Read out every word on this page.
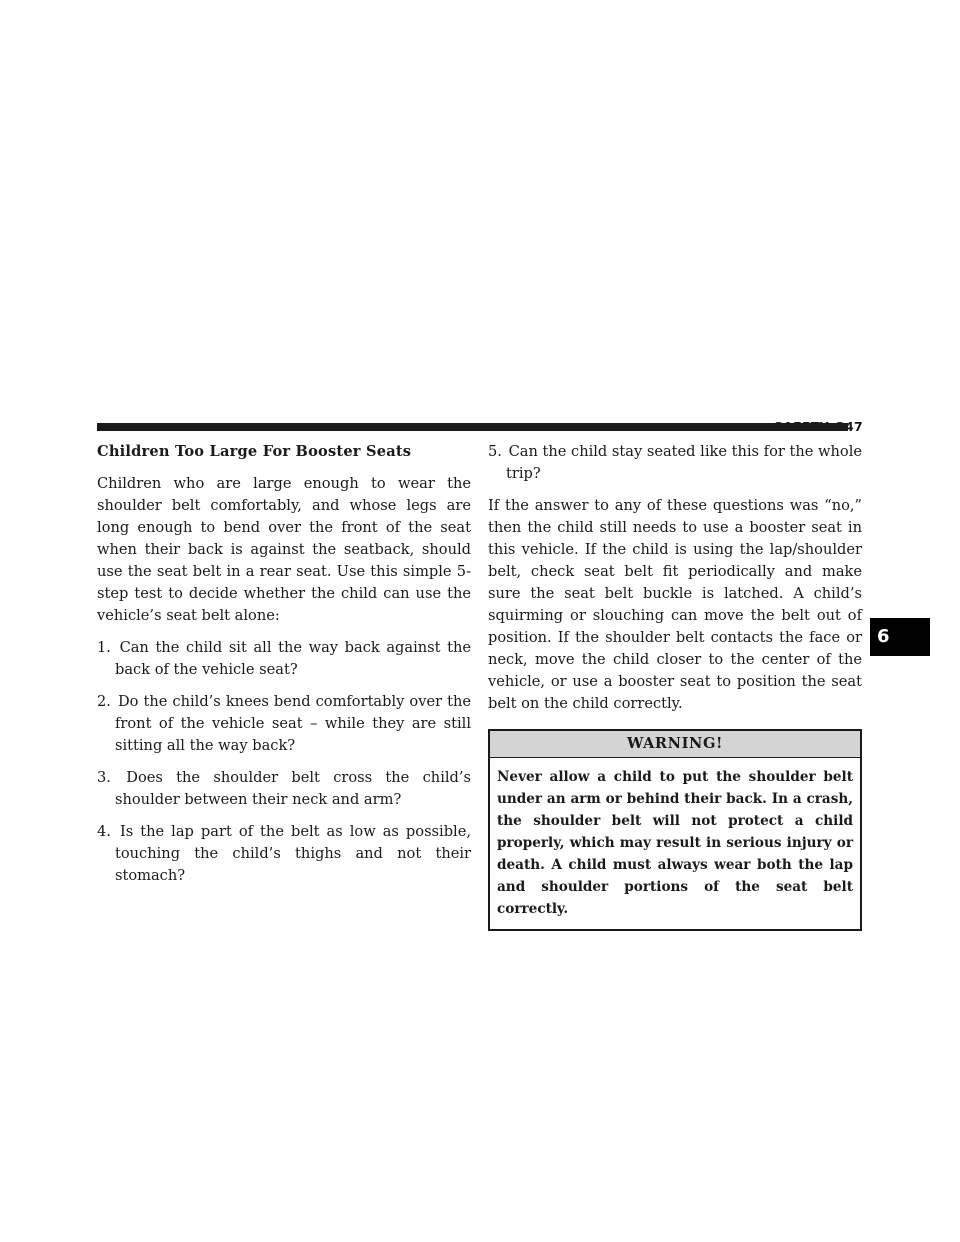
SAFETY 247
6
Children Too Large For Booster Seats

Children who are large enough to wear the shoulder belt comfortably, and whose legs are long enough to bend over the front of the seat when their back is against the seatback, should use the seat belt in a rear seat. Use this simple 5-step test to decide whether the child can use the vehicle’s seat belt alone:

1. Can the child sit all the way back against the back of the vehicle seat?
2. Do the child’s knees bend comfortably over the front of the vehicle seat – while they are still sitting all the way back?
3. Does the shoulder belt cross the child’s shoulder between their neck and arm?
4. Is the lap part of the belt as low as possible, touching the child’s thighs and not their stomach?
5. Can the child stay seated like this for the whole trip?

If the answer to any of these questions was “no,” then the child still needs to use a booster seat in this vehicle. If the child is using the lap/shoulder belt, check seat belt fit periodically and make sure the seat belt buckle is latched. A child’s squirming or slouching can move the belt out of position. If the shoulder belt contacts the face or neck, move the child closer to the center of the vehicle, or use a booster seat to position the seat belt on the child correctly.

WARNING!
Never allow a child to put the shoulder belt under an arm or behind their back. In a crash, the shoulder belt will not protect a child properly, which may result in serious injury or death. A child must always wear both the lap and shoulder portions of the seat belt correctly.
